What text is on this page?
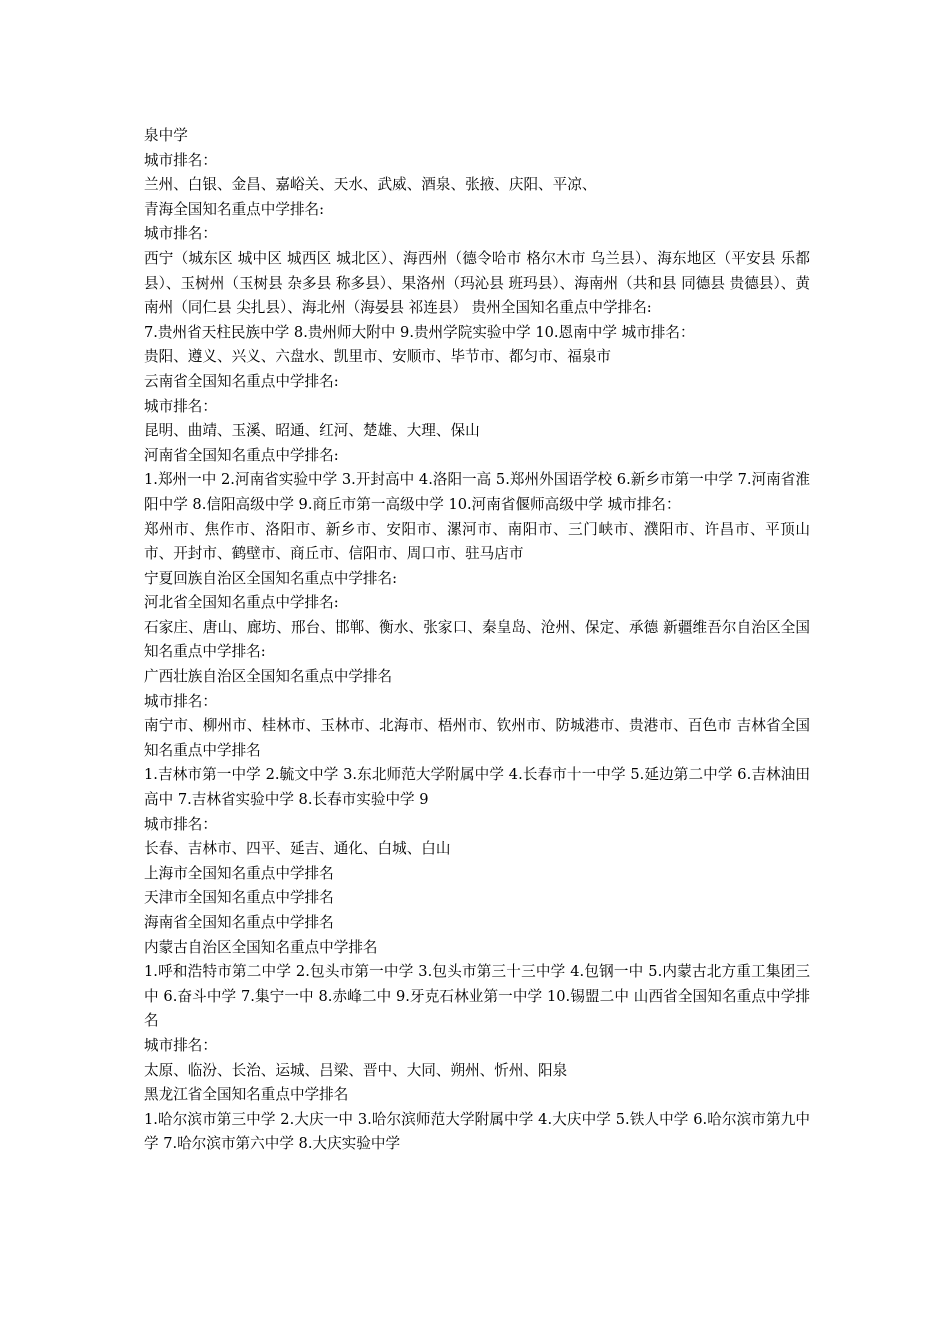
泉中学

城市排名：

兰州、白银、金昌、嘉峪关、天水、武威、酒泉、张掖、庆阳、平凉、

青海全国知名重点中学排名:

城市排名：

西宁（城东区 城中区 城西区 城北区）、海西州（德令哈市 格尔木市 乌兰县）、海东地区（平安县 乐都县）、玉树州（玉树县 杂多县 称多县）、果洛州（玛沁县 班玛县）、海南州（共和县 同德县 贵德县）、黄南州（同仁县 尖扎县）、海北州（海晏县 祁连县） 贵州全国知名重点中学排名:

7.贵州省天柱民族中学 8.贵州师大附中 9.贵州学院实验中学 10.恩南中学 城市排名：

贵阳、遵义、兴义、六盘水、凯里市、安顺市、毕节市、都匀市、福泉市

云南省全国知名重点中学排名:

城市排名：

昆明、曲靖、玉溪、昭通、红河、楚雄、大理、保山

河南省全国知名重点中学排名:

1.郑州一中 2.河南省实验中学 3.开封高中 4.洛阳一高 5.郑州外国语学校 6.新乡市第一中学 7.河南省淮阳中学 8.信阳高级中学 9.商丘市第一高级中学 10.河南省偃师高级中学 城市排名：

郑州市、焦作市、洛阳市、新乡市、安阳市、漯河市、南阳市、三门峡市、濮阳市、许昌市、平顶山市、开封市、鹤壁市、商丘市、信阳市、周口市、驻马店市

宁夏回族自治区全国知名重点中学排名:

河北省全国知名重点中学排名:

石家庄、唐山、廊坊、邢台、邯郸、衡水、张家口、秦皇岛、沧州、保定、承德 新疆维吾尔自治区全国知名重点中学排名:

广西壮族自治区全国知名重点中学排名

城市排名：

南宁市、柳州市、桂林市、玉林市、北海市、梧州市、钦州市、防城港市、贵港市、百色市 吉林省全国知名重点中学排名

1.吉林市第一中学 2.毓文中学 3.东北师范大学附属中学 4.长春市十一中学 5.延边第二中学 6.吉林油田高中 7.吉林省实验中学 8.长春市实验中学 9

城市排名：

长春、吉林市、四平、延吉、通化、白城、白山

上海市全国知名重点中学排名

天津市全国知名重点中学排名

海南省全国知名重点中学排名

内蒙古自治区全国知名重点中学排名

1.呼和浩特市第二中学 2.包头市第一中学 3.包头市第三十三中学 4.包钢一中 5.内蒙古北方重工集团三中 6.奋斗中学 7.集宁一中 8.赤峰二中 9.牙克石林业第一中学 10.锡盟二中 山西省全国知名重点中学排名

城市排名：

太原、临汾、长治、运城、吕梁、晋中、大同、朔州、忻州、阳泉

黑龙江省全国知名重点中学排名

1.哈尔滨市第三中学 2.大庆一中 3.哈尔滨师范大学附属中学 4.大庆中学 5.铁人中学 6.哈尔滨市第九中学 7.哈尔滨市第六中学 8.大庆实验中学
